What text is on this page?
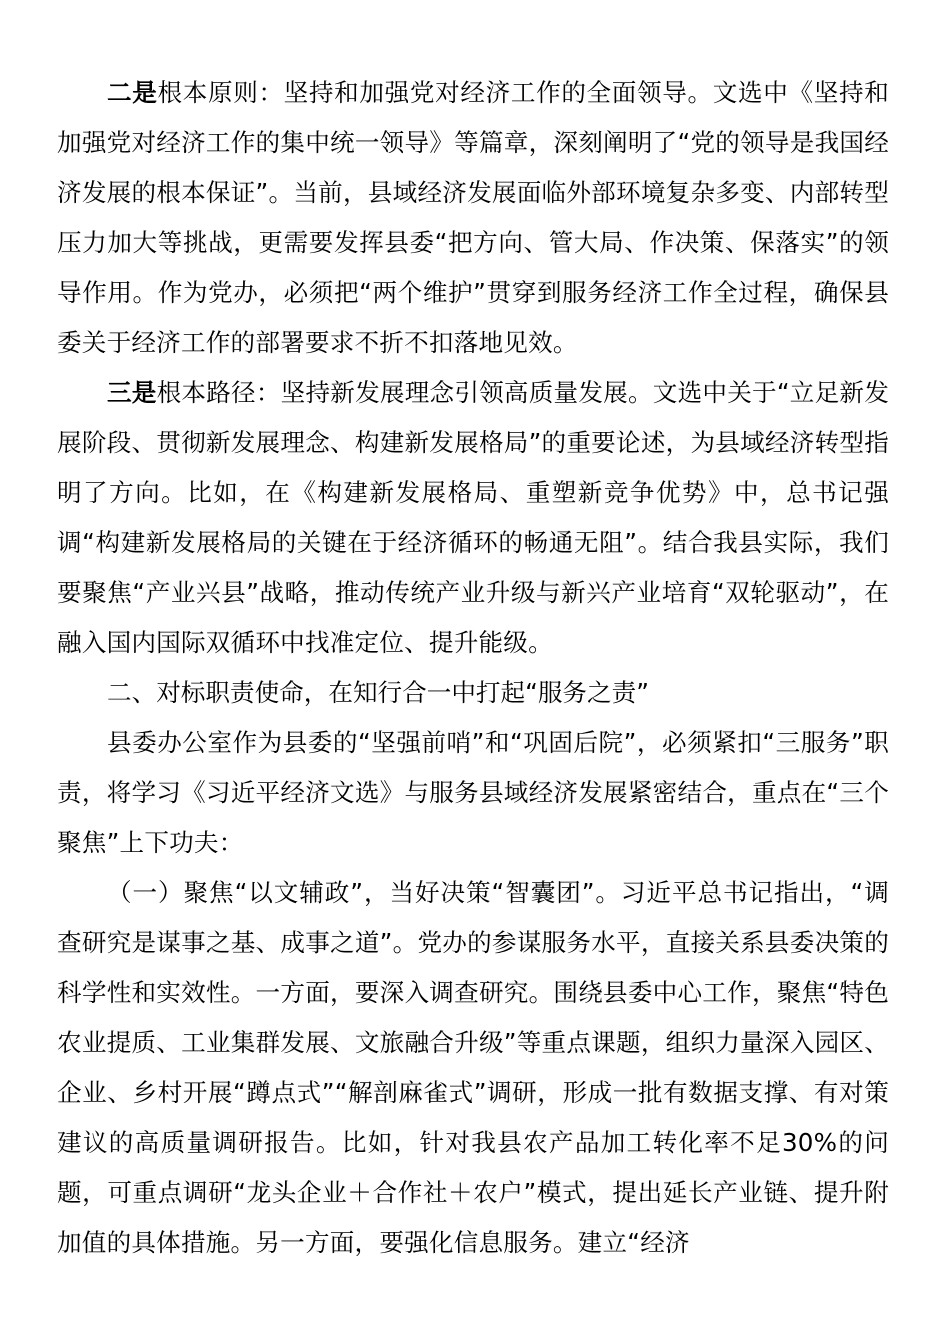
二是根本原则：坚持和加强党对经济工作的全面领导。文选中《坚持和加强党对经济工作的集中统一领导》等篇章，深刻阐明了“党的领导是我国经济发展的根本保证”。当前，县域经济发展面临外部环境复杂多变、内部转型压力加大等挑战，更需要发挥县委“把方向、管大局、作决策、保落实”的领导作用。作为党办，必须把“两个维护”贯穿到服务经济工作全过程，确保县委关于经济工作的部署要求不折不扣落地见效。

三是根本路径：坚持新发展理念引领高质量发展。文选中关于“立足新发展阶段、贯彻新发展理念、构建新发展格局”的重要论述，为县域经济转型指明了方向。比如，在《构建新发展格局、重塑新竞争优势》中，总书记强调“构建新发展格局的关键在于经济循环的畅通无阻”。结合我县实际，我们要聚焦“产业兴县”战略，推动传统产业升级与新兴产业培育“双轮驱动”，在融入国内国际双循环中找准定位、提升能级。

二、对标职责使命，在知行合一中打起“服务之责”

县委办公室作为县委的“坚强前哨”和“巩固后院”，必须紧扣“三服务”职责，将学习《习近平经济文选》与服务县域经济发展紧密结合，重点在“三个聚焦”上下功夫：

（一）聚焦“以文辅政”，当好决策“智囊团”。习近平总书记指出，“调查研究是谋事之基、成事之道”。党办的参谋服务水平，直接关系县委决策的科学性和实效性。一方面，要深入调查研究。围绕县委中心工作，聚焦“特色农业提质、工业集群发展、文旅融合升级”等重点课题，组织力量深入园区、企业、乡村开展“蹲点式”“解剖麻雀式”调研，形成一批有数据支撑、有对策建议的高质量调研报告。比如，针对我县农产品加工转化率不足30%的问题，可重点调研“龙头企业＋合作社＋农户”模式，提出延长产业链、提升附加值的具体措施。另一方面，要强化信息服务。建立“经济
